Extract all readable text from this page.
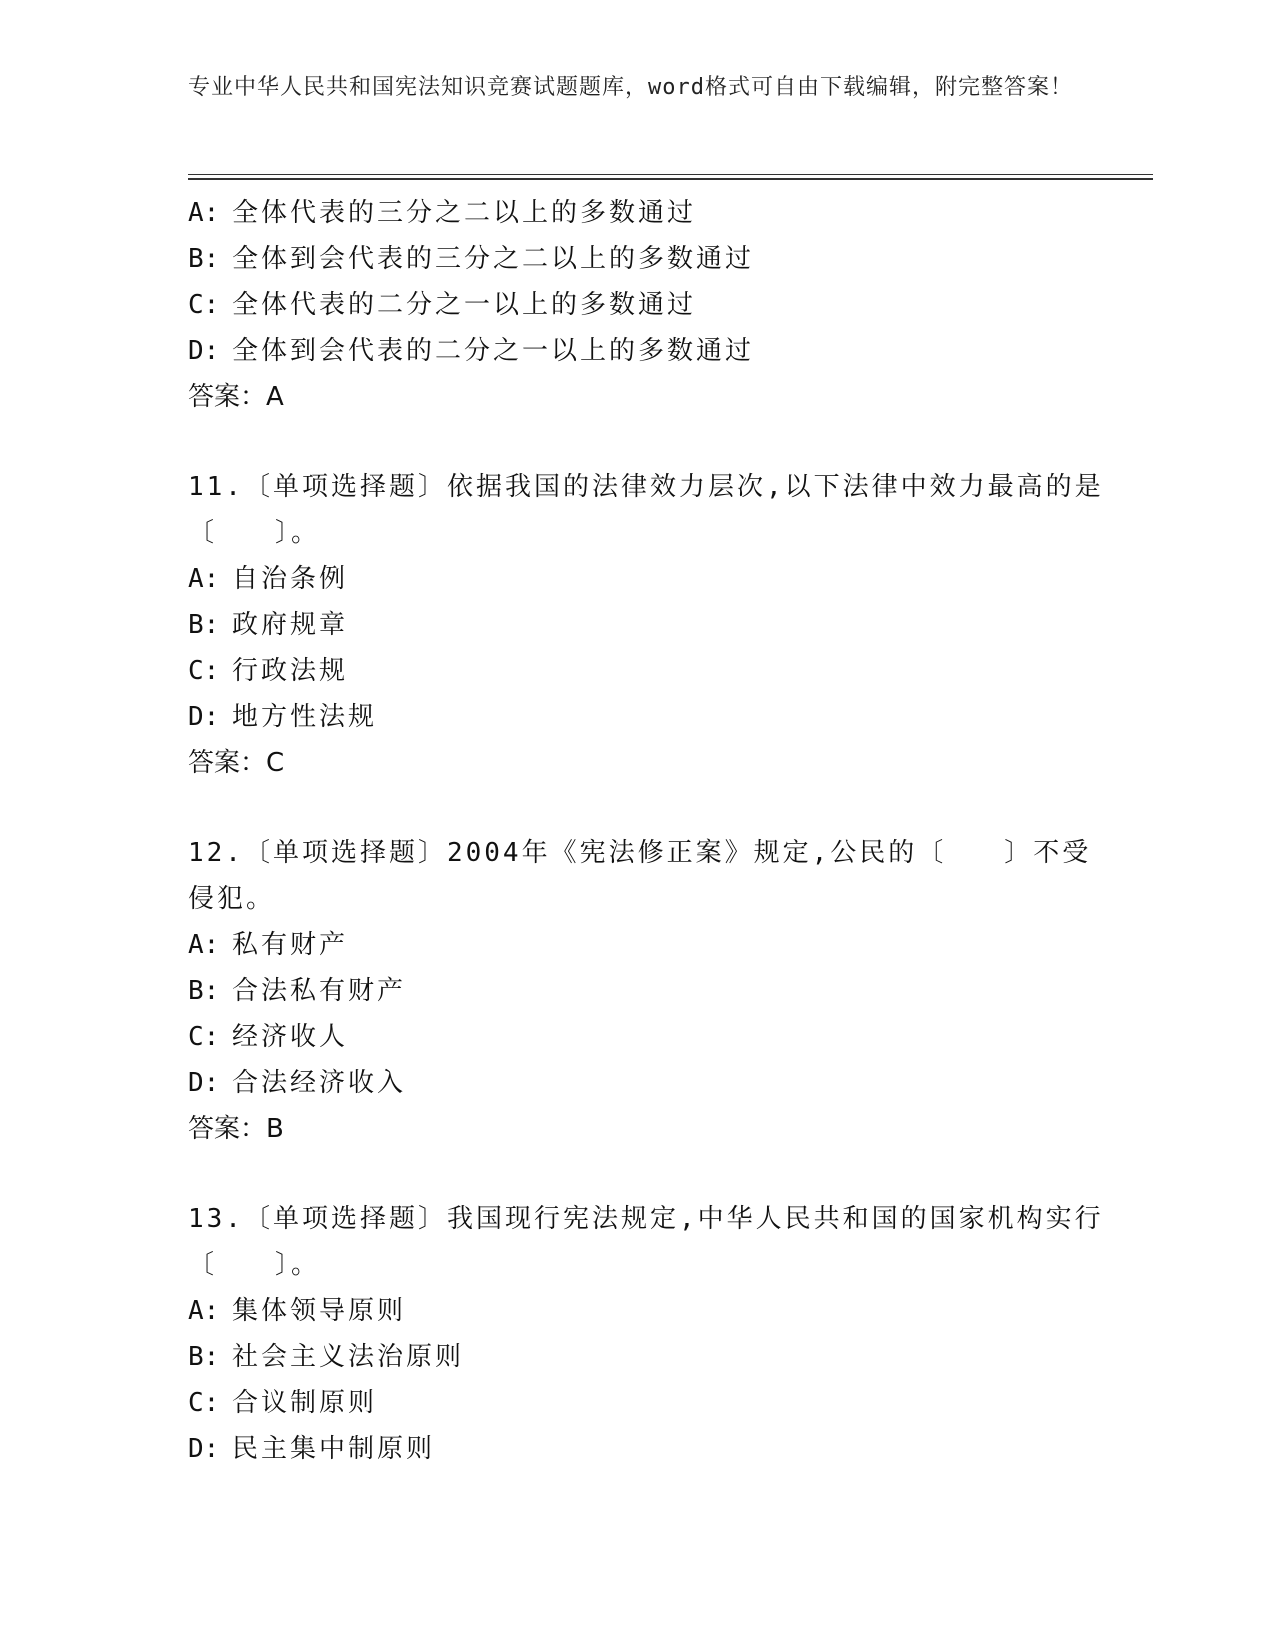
专业中华人民共和国宪法知识竞赛试题题库，word格式可自由下载编辑，附完整答案！
A: 全体代表的三分之二以上的多数通过
B: 全体到会代表的三分之二以上的多数通过
C: 全体代表的二分之一以上的多数通过
D: 全体到会代表的二分之一以上的多数通过
答案：A
11.〔单项选择题〕依据我国的法律效力层次,以下法律中效力最高的是〔　　〕。
A: 自治条例
B: 政府规章
C: 行政法规
D: 地方性法规
答案：C
12.〔单项选择题〕2004年《宪法修正案》规定,公民的〔　　〕不受侵犯。
A: 私有财产
B: 合法私有财产
C: 经济收人
D: 合法经济收入
答案：B
13.〔单项选择题〕我国现行宪法规定,中华人民共和国的国家机构实行〔　　〕。
A: 集体领导原则
B: 社会主义法治原则
C: 合议制原则
D: 民主集中制原则
